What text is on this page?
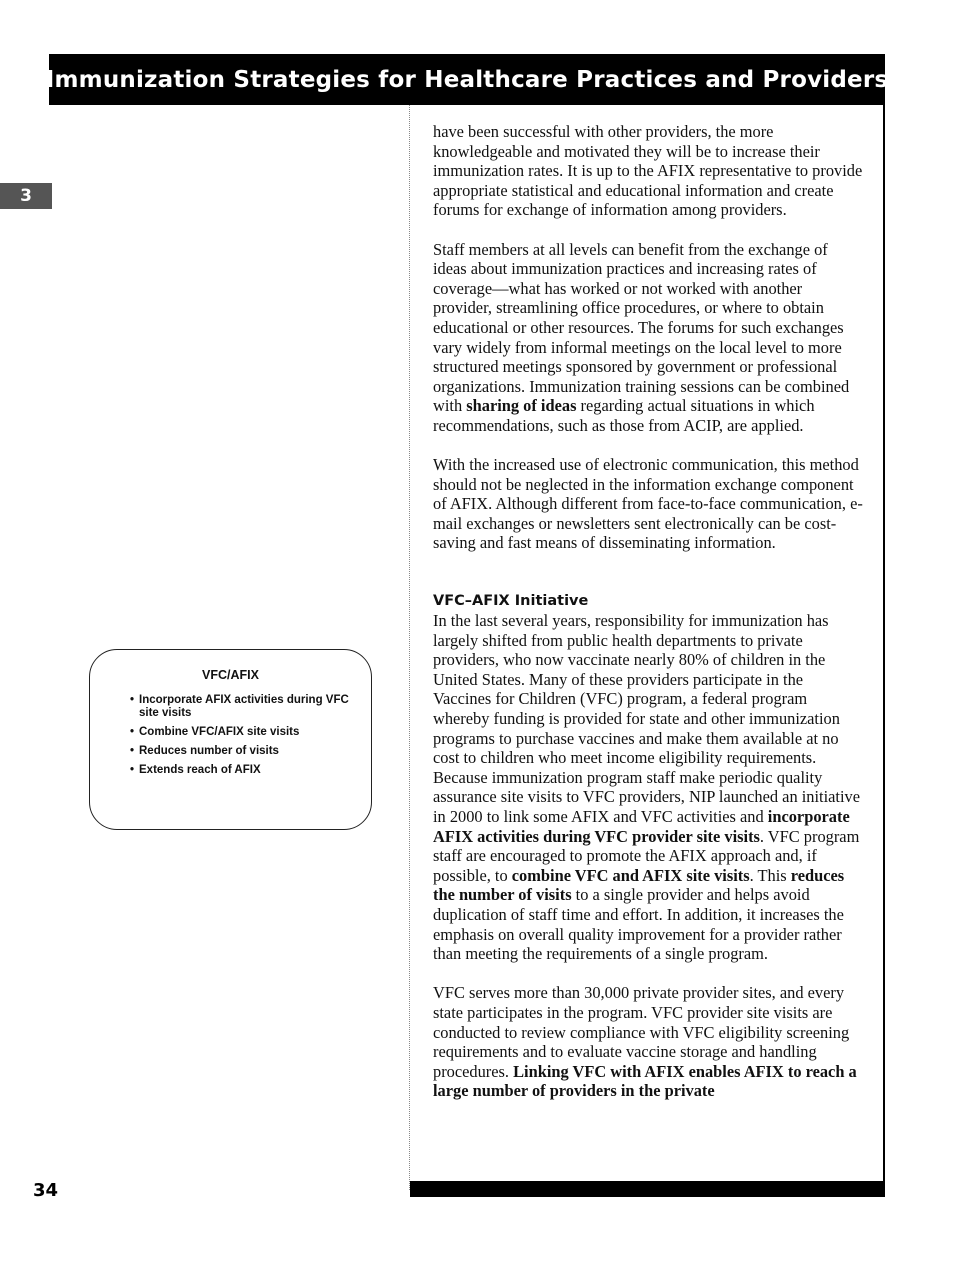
Immunization Strategies for Healthcare Practices and Providers
3
VFC/AFIX
• Incorporate AFIX activities during VFC site visits
• Combine VFC/AFIX site visits
• Reduces number of visits
• Extends reach of AFIX

have been successful with other providers, the more knowledgeable and motivated they will be to increase their immunization rates. It is up to the AFIX representative to provide appropriate statistical and educational information and create forums for exchange of information among providers.

Staff members at all levels can benefit from the exchange of ideas about immunization practices and increasing rates of coverage—what has worked or not worked with another provider, streamlining office procedures, or where to obtain educational or other resources. The forums for such exchanges vary widely from informal meetings on the local level to more structured meetings sponsored by government or professional organizations. Immunization training sessions can be combined with sharing of ideas regarding actual situations in which recommendations, such as those from ACIP, are applied.

With the increased use of electronic communication, this method should not be neglected in the information exchange component of AFIX. Although different from face-to-face communication, e-mail exchanges or newsletters sent electronically can be cost-saving and fast means of disseminating information.

VFC–AFIX Initiative

In the last several years, responsibility for immunization has largely shifted from public health departments to private providers, who now vaccinate nearly 80% of children in the United States. Many of these providers participate in the Vaccines for Children (VFC) program, a federal program whereby funding is provided for state and other immunization programs to purchase vaccines and make them available at no cost to children who meet income eligibility requirements. Because immunization program staff make periodic quality assurance site visits to VFC providers, NIP launched an initiative in 2000 to link some AFIX and VFC activities and incorporate AFIX activities during VFC provider site visits. VFC program staff are encouraged to promote the AFIX approach and, if possible, to combine VFC and AFIX site visits. This reduces the number of visits to a single provider and helps avoid duplication of staff time and effort. In addition, it increases the emphasis on overall quality improvement for a provider rather than meeting the requirements of a single program.

VFC serves more than 30,000 private provider sites, and every state participates in the program. VFC provider site visits are conducted to review compliance with VFC eligibility screening requirements and to evaluate vaccine storage and handling procedures. Linking VFC with AFIX enables AFIX to reach a large number of providers in the private

34
